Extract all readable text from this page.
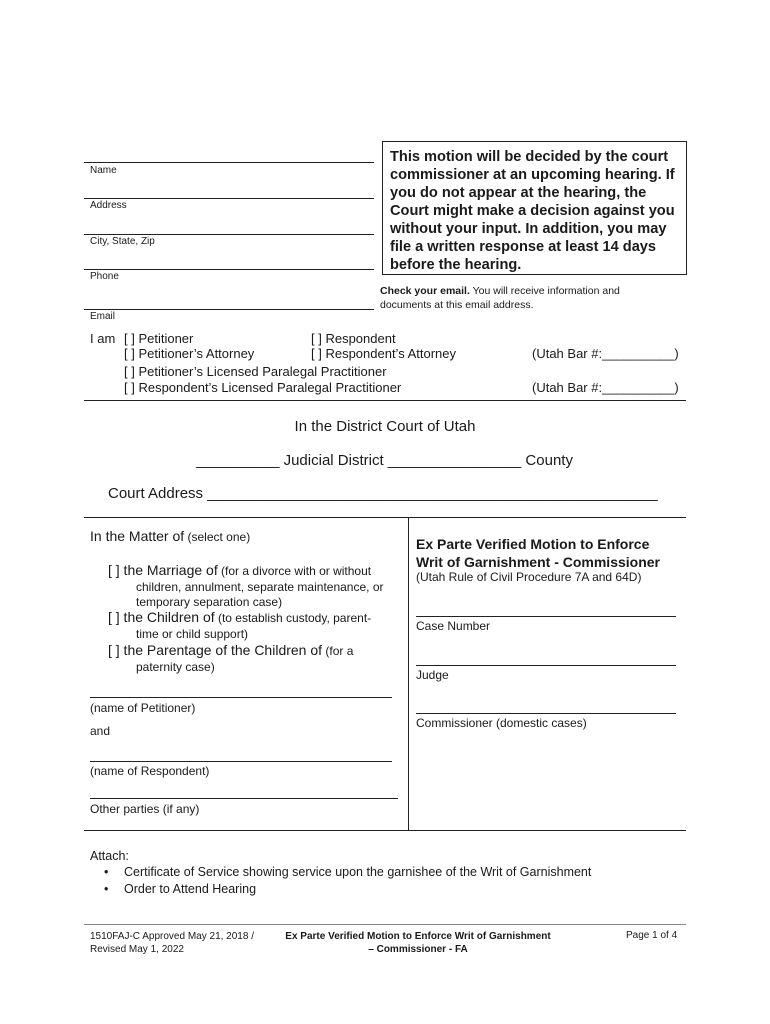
Name
Address
City, State, Zip
Phone
Email
This motion will be decided by the court commissioner at an upcoming hearing. If you do not appear at the hearing, the Court might make a decision against you without your input. In addition, you may file a written response at least 14 days before the hearing.
Check your email. You will receive information and documents at this email address.
I am [ ] Petitioner
[ ] Petitioner’s Attorney
[ ] Respondent
[ ] Respondent’s Attorney	(Utah Bar #:__________)
[ ] Petitioner’s Licensed Paralegal Practitioner
[ ] Respondent’s Licensed Paralegal Practitioner	(Utah Bar #:__________)
In the District Court of Utah
__________ Judicial District ________________ County
Court Address ______________________________________________________
In the Matter of (select one)
[ ] the Marriage of (for a divorce with or without
children, annulment, separate maintenance, or
temporary separation case)
[ ] the Children of (to establish custody, parent-
time or child support)
[ ] the Parentage of the Children of (for a
paternity case)
(name of Petitioner)
and
(name of Respondent)
Other parties (if any)
Ex Parte Verified Motion to Enforce
Writ of Garnishment - Commissioner
(Utah Rule of Civil Procedure 7A and 64D)
Case Number
Judge
Commissioner (domestic cases)
Attach:
• Certificate of Service showing service upon the garnishee of the Writ of Garnishment
• Order to Attend Hearing
1510FAJ-C Approved May 21, 2018 /
Revised May 1, 2022
Ex Parte Verified Motion to Enforce Writ of Garnishment
– Commissioner - FA
Page 1 of 4
